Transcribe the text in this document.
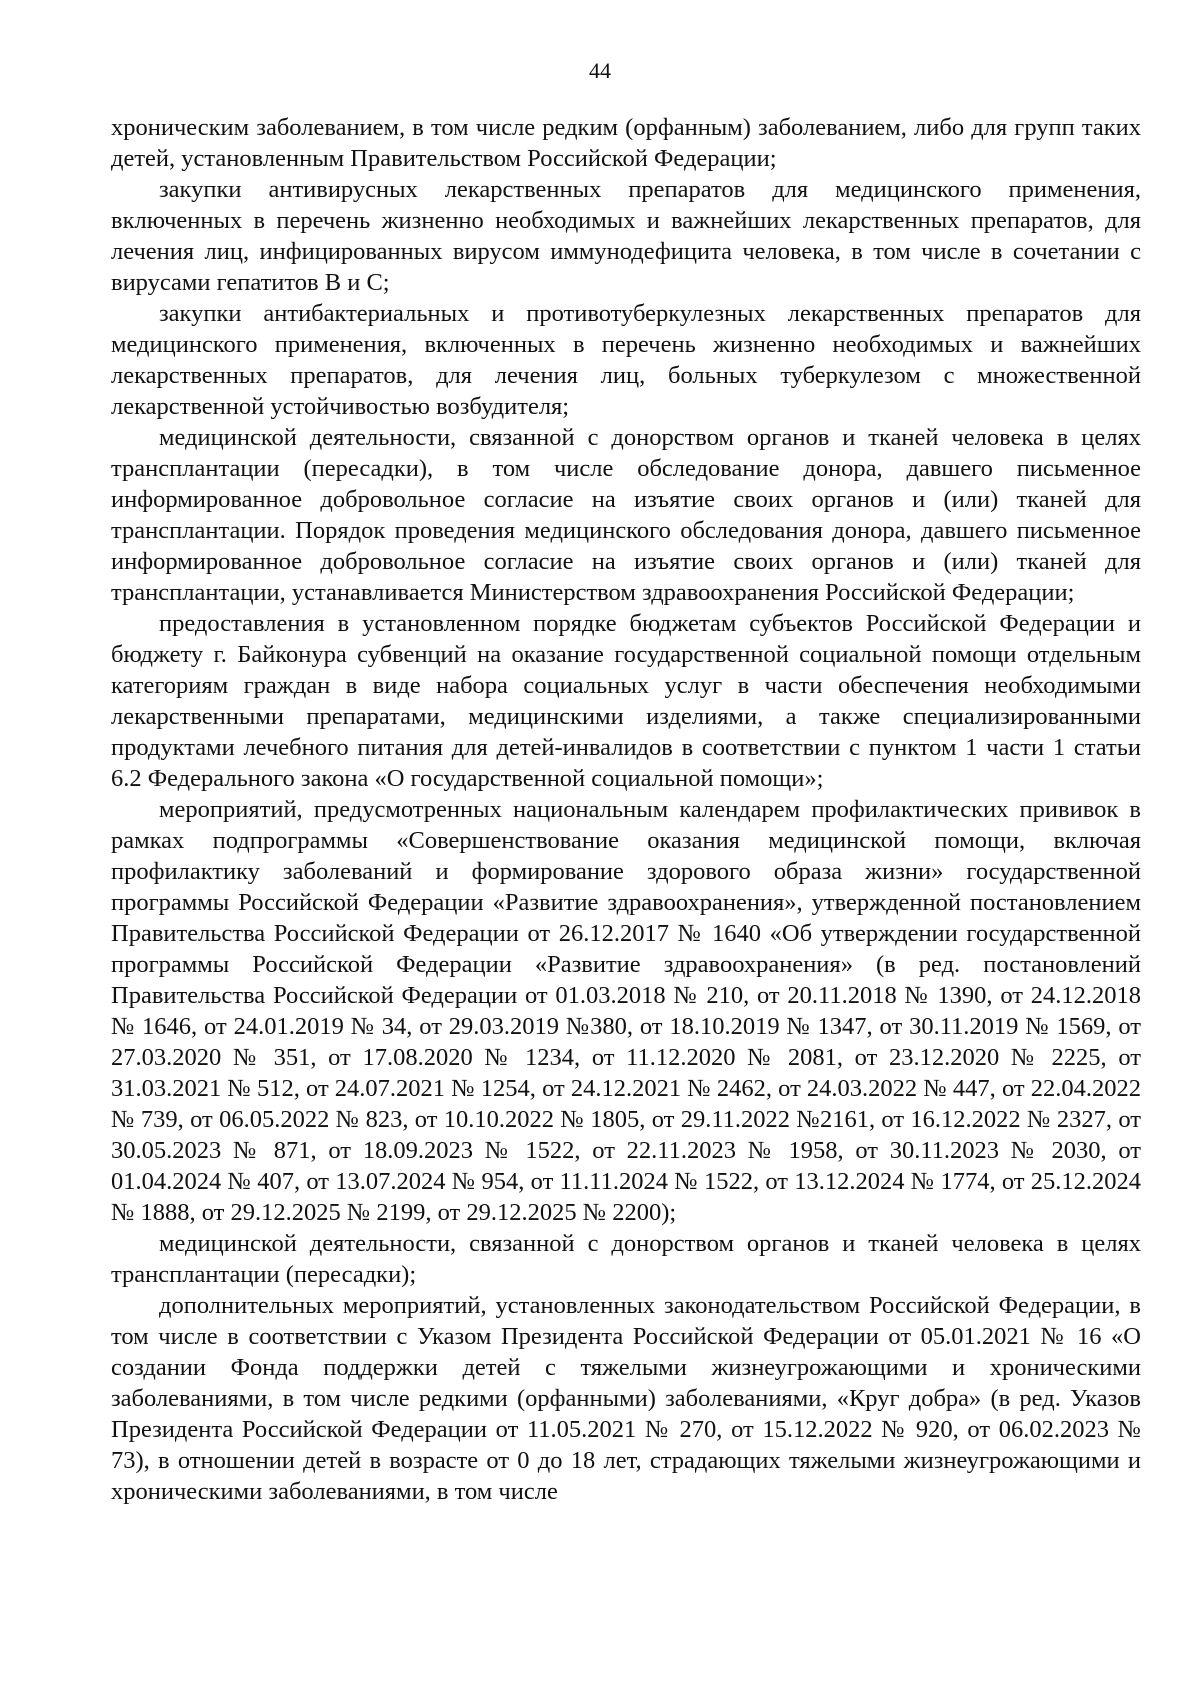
44

хроническим заболеванием, в том числе редким (орфанным) заболеванием, либо для групп таких детей, установленным Правительством Российской Федерации;

закупки антивирусных лекарственных препаратов для медицинского применения, включенных в перечень жизненно необходимых и важнейших лекарственных препаратов, для лечения лиц, инфицированных вирусом иммунодефицита человека, в том числе в сочетании с вирусами гепатитов B и C;

закупки антибактериальных и противотуберкулезных лекарственных препаратов для медицинского применения, включенных в перечень жизненно необходимых и важнейших лекарственных препаратов, для лечения лиц, больных туберкулезом с множественной лекарственной устойчивостью возбудителя;

медицинской деятельности, связанной с донорством органов и тканей человека в целях трансплантации (пересадки), в том числе обследование донора, давшего письменное информированное добровольное согласие на изъятие своих органов и (или) тканей для трансплантации. Порядок проведения медицинского обследования донора, давшего письменное информированное добровольное согласие на изъятие своих органов и (или) тканей для трансплантации, устанавливается Министерством здравоохранения Российской Федерации;

предоставления в установленном порядке бюджетам субъектов Российской Федерации и бюджету г. Байконура субвенций на оказание государственной социальной помощи отдельным категориям граждан в виде набора социальных услуг в части обеспечения необходимыми лекарственными препаратами, медицинскими изделиями, а также специализированными продуктами лечебного питания для детей-инвалидов в соответствии с пунктом 1 части 1 статьи 6.2 Федерального закона «О государственной социальной помощи»;

мероприятий, предусмотренных национальным календарем профилактических прививок в рамках подпрограммы «Совершенствование оказания медицинской помощи, включая профилактику заболеваний и формирование здорового образа жизни» государственной программы Российской Федерации «Развитие здравоохранения», утвержденной постановлением Правительства Российской Федерации от 26.12.2017 № 1640 «Об утверждении государственной программы Российской Федерации «Развитие здравоохранения» (в ред. постановлений Правительства Российской Федерации от 01.03.2018 № 210, от 20.11.2018 № 1390, от 24.12.2018 № 1646, от 24.01.2019 № 34, от 29.03.2019 №380, от 18.10.2019 № 1347, от 30.11.2019 № 1569, от 27.03.2020 № 351, от 17.08.2020 № 1234, от 11.12.2020 № 2081, от 23.12.2020 № 2225, от 31.03.2021 № 512, от 24.07.2021 № 1254, от 24.12.2021 № 2462, от 24.03.2022 № 447, от 22.04.2022 № 739, от 06.05.2022 № 823, от 10.10.2022 № 1805, от 29.11.2022 №2161, от 16.12.2022 № 2327, от 30.05.2023 № 871, от 18.09.2023 № 1522, от 22.11.2023 № 1958, от 30.11.2023 № 2030, от 01.04.2024 № 407, от 13.07.2024 № 954, от 11.11.2024 № 1522, от 13.12.2024 № 1774, от 25.12.2024 № 1888, от 29.12.2025 № 2199, от 29.12.2025 № 2200);

медицинской деятельности, связанной с донорством органов и тканей человека в целях трансплантации (пересадки);

дополнительных мероприятий, установленных законодательством Российской Федерации, в том числе в соответствии с Указом Президента Российской Федерации от 05.01.2021 № 16 «О создании Фонда поддержки детей с тяжелыми жизнеугрожающими и хроническими заболеваниями, в том числе редкими (орфанными) заболеваниями, «Круг добра» (в ред. Указов Президента Российской Федерации от 11.05.2021 № 270, от 15.12.2022 № 920, от 06.02.2023 № 73), в отношении детей в возрасте от 0 до 18 лет, страдающих тяжелыми жизнеугрожающими и хроническими заболеваниями, в том числе
